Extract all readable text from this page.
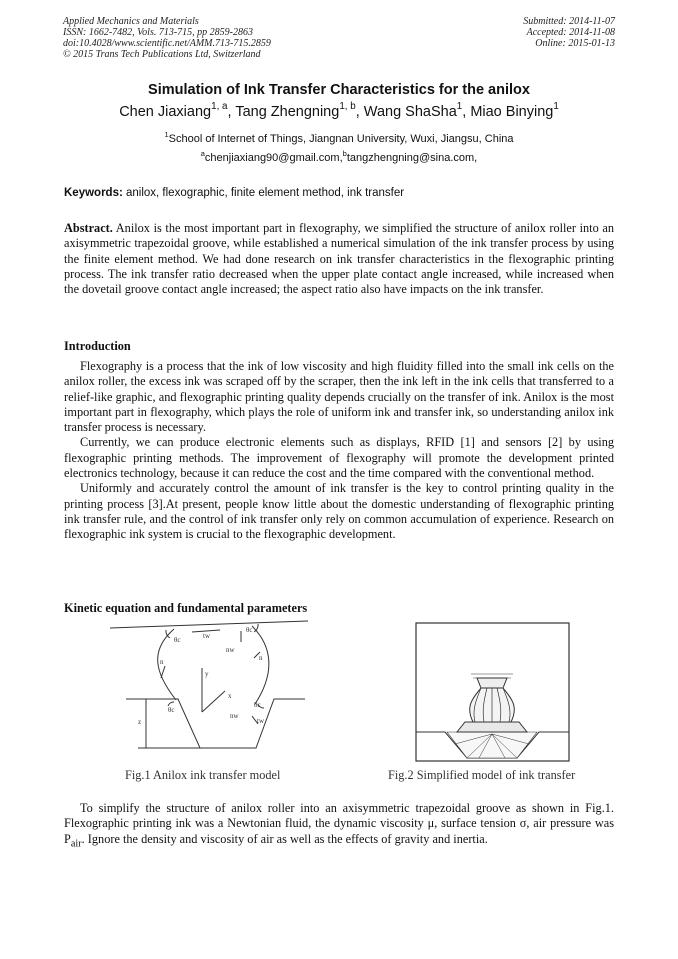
Applied Mechanics and Materials
ISSN: 1662-7482, Vols. 713-715, pp 2859-2863
doi:10.4028/www.scientific.net/AMM.713-715.2859
© 2015 Trans Tech Publications Ltd, Switzerland
Submitted: 2014-11-07
Accepted: 2014-11-08
Online: 2015-01-13
Simulation of Ink Transfer Characteristics for the anilox
Chen Jiaxiang$^{1, a}$, Tang Zhengning$^{1, b}$, Wang ShaSha$^1$, Miao Binying$^1$
$^1$School of Internet of Things, Jiangnan University, Wuxi, Jiangsu, China
$^a$chenjiaxiang90@gmail.com,$^b$tangzhengning@sina.com,
Keywords: anilox, flexographic, finite element method, ink transfer
Abstract. Anilox is the most important part in flexography, we simplified the structure of anilox roller into an axisymmetric trapezoidal groove, while established a numerical simulation of the ink transfer process by using the finite element method. We had done research on ink transfer characteristics in the flexographic printing process. The ink transfer ratio decreased when the upper plate contact angle increased, while increased when the dovetail groove contact angle increased; the aspect ratio also have impacts on the ink transfer.
Introduction

Flexography is a process that the ink of low viscosity and high fluidity filled into the small ink cells on the anilox roller, the excess ink was scraped off by the scraper, then the ink left in the ink cells that transferred to a relief-like graphic, and flexographic printing quality depends crucially on the transfer of ink. Anilox is the most important part in flexography, which plays the role of uniform ink and transfer ink, so understanding anilox ink transfer process is necessary.

Currently, we can produce electronic elements such as displays, RFID [1] and sensors [2] by using flexographic printing methods. The improvement of flexography will promote the development printed electronics technology, because it can reduce the cost and the time compared with the conventional method.

Uniformly and accurately control the amount of ink transfer is the key to control printing quality in the printing process [3].At present, people know little about the domestic understanding of flexographic printing ink transfer rule, and the control of ink transfer only rely on common accumulation of experience. Research on flexographic ink system is crucial to the flexographic development.

Kinetic equation and fundamental parameters
θc	tw
θc
nw
n	n
y
x
θc
θc
nw
tw
z
Fig.1 Anilox ink transfer model	Fig.2 Simplified model of ink transfer

To simplify the structure of anilox roller into an axisymmetric trapezoidal groove as shown in Fig.1. Flexographic printing ink was a Newtonian fluid, the dynamic viscosity μ, surface tension σ, air pressure was $P_{air}$. Ignore the density and viscosity of air as well as the effects of gravity and inertia.
